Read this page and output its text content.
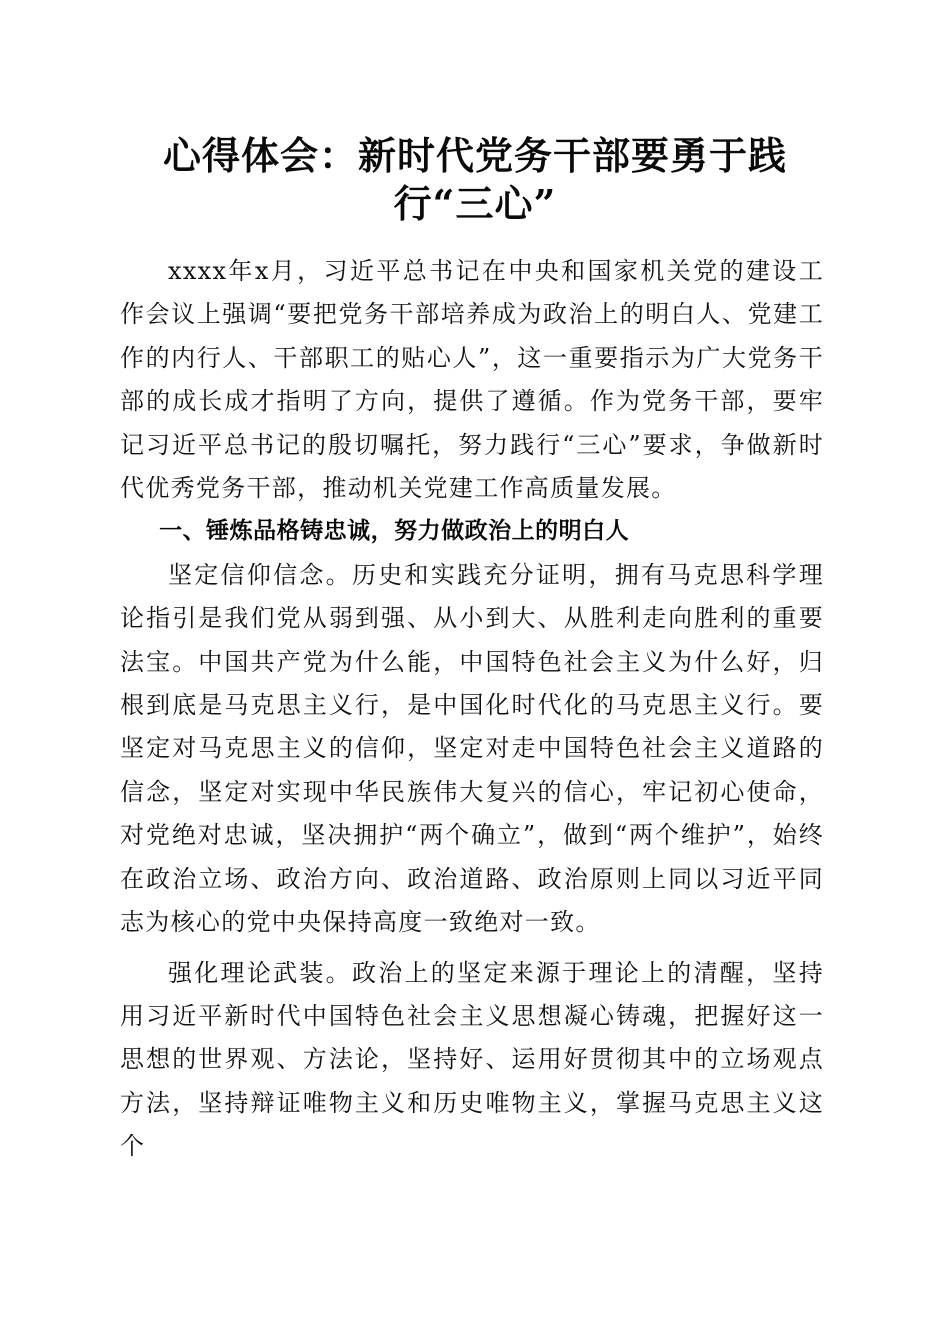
心得体会：新时代党务干部要勇于践行“三心”

xxxx年x月，习近平总书记在中央和国家机关党的建设工作会议上强调“要把党务干部培养成为政治上的明白人、党建工作的内行人、干部职工的贴心人”，这一重要指示为广大党务干部的成长成才指明了方向，提供了遵循。作为党务干部，要牢记习近平总书记的殷切嘱托，努力践行“三心”要求，争做新时代优秀党务干部，推动机关党建工作高质量发展。

一、锤炼品格铸忠诚，努力做政治上的明白人

坚定信仰信念。历史和实践充分证明，拥有马克思科学理论指引是我们党从弱到强、从小到大、从胜利走向胜利的重要法宝。中国共产党为什么能，中国特色社会主义为什么好，归根到底是马克思主义行，是中国化时代化的马克思主义行。要坚定对马克思主义的信仰，坚定对走中国特色社会主义道路的信念，坚定对实现中华民族伟大复兴的信心，牢记初心使命，对党绝对忠诚，坚决拥护“两个确立”，做到“两个维护”，始终在政治立场、政治方向、政治道路、政治原则上同以习近平同志为核心的党中央保持高度一致绝对一致。

强化理论武装。政治上的坚定来源于理论上的清醒，坚持用习近平新时代中国特色社会主义思想凝心铸魂，把握好这一思想的世界观、方法论，坚持好、运用好贯彻其中的立场观点方法，坚持辩证唯物主义和历史唯物主义，掌握马克思主义这个
